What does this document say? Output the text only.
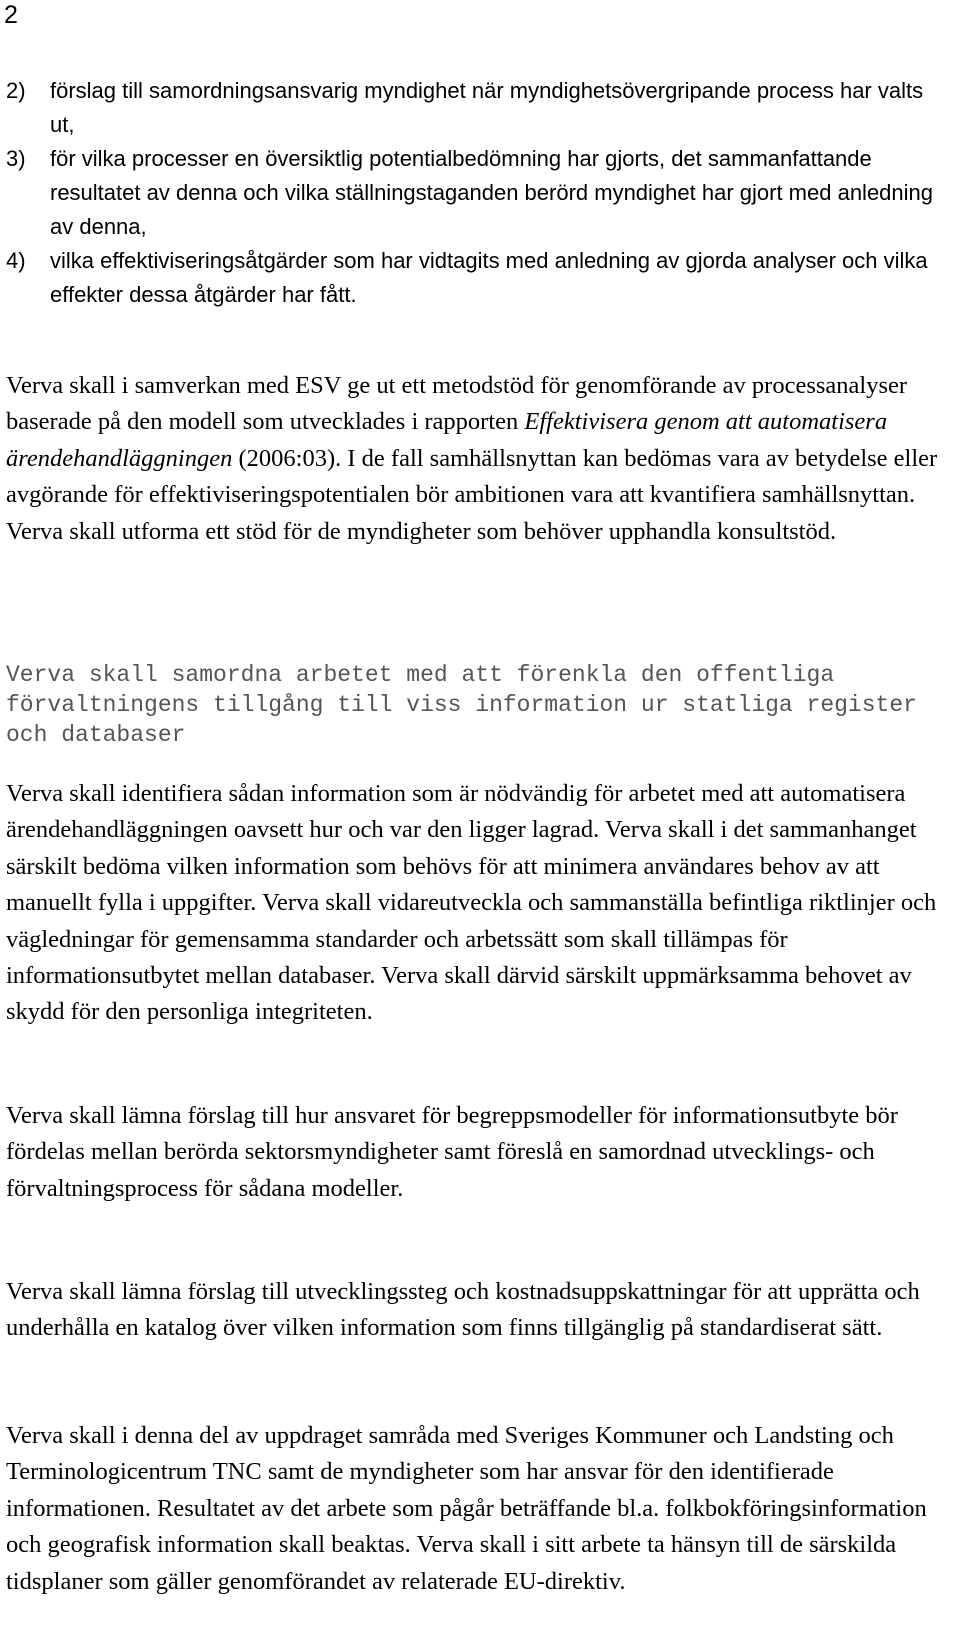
2
2) förslag till samordningsansvarig myndighet när myndighetsövergripande process har valts ut,
3) för vilka processer en översiktlig potentialbedömning har gjorts, det sammanfattande resultatet av denna och vilka ställningstaganden berörd myndighet har gjort med anledning av denna,
4) vilka effektiviseringsåtgärder som har vidtagits med anledning av gjorda analyser och vilka effekter dessa åtgärder har fått.

Verva skall i samverkan med ESV ge ut ett metodstöd för genomförande av processanalyser baserade på den modell som utvecklades i rapporten Effektivisera genom att automatisera ärendehandläggningen (2006:03). I de fall samhällsnyttan kan bedömas vara av betydelse eller avgörande för effektiviseringspotentialen bör ambitionen vara att kvantifiera samhällsnyttan. Verva skall utforma ett stöd för de myndigheter som behöver upphandla konsultstöd.

Verva skall samordna arbetet med att förenkla den offentliga förvaltningens tillgång till viss information ur statliga register och databaser

Verva skall identifiera sådan information som är nödvändig för arbetet med att automatisera ärendehandläggningen oavsett hur och var den ligger lagrad. Verva skall i det sammanhanget särskilt bedöma vilken information som behövs för att minimera användares behov av att manuellt fylla i uppgifter. Verva skall vidareutveckla och sammanställa befintliga riktlinjer och vägledningar för gemensamma standarder och arbetssätt som skall tillämpas för informationsutbytet mellan databaser. Verva skall därvid särskilt uppmärksamma behovet av skydd för den personliga integriteten.

Verva skall lämna förslag till hur ansvaret för begreppsmodeller för informationsutbyte bör fördelas mellan berörda sektorsmyndigheter samt föreslå en samordnad utvecklings- och förvaltningsprocess för sådana modeller.

Verva skall lämna förslag till utvecklingssteg och kostnadsuppskattningar för att upprätta och underhålla en katalog över vilken information som finns tillgänglig på standardiserat sätt.

Verva skall i denna del av uppdraget samråda med Sveriges Kommuner och Landsting och Terminologicentrum TNC samt de myndigheter som har ansvar för den identifierade informationen. Resultatet av det arbete som pågår beträffande bl.a. folkbokföringsinformation och geografisk information skall beaktas. Verva skall i sitt arbete ta hänsyn till de särskilda tidsplaner som gäller genomförandet av relaterade EU-direktiv.
